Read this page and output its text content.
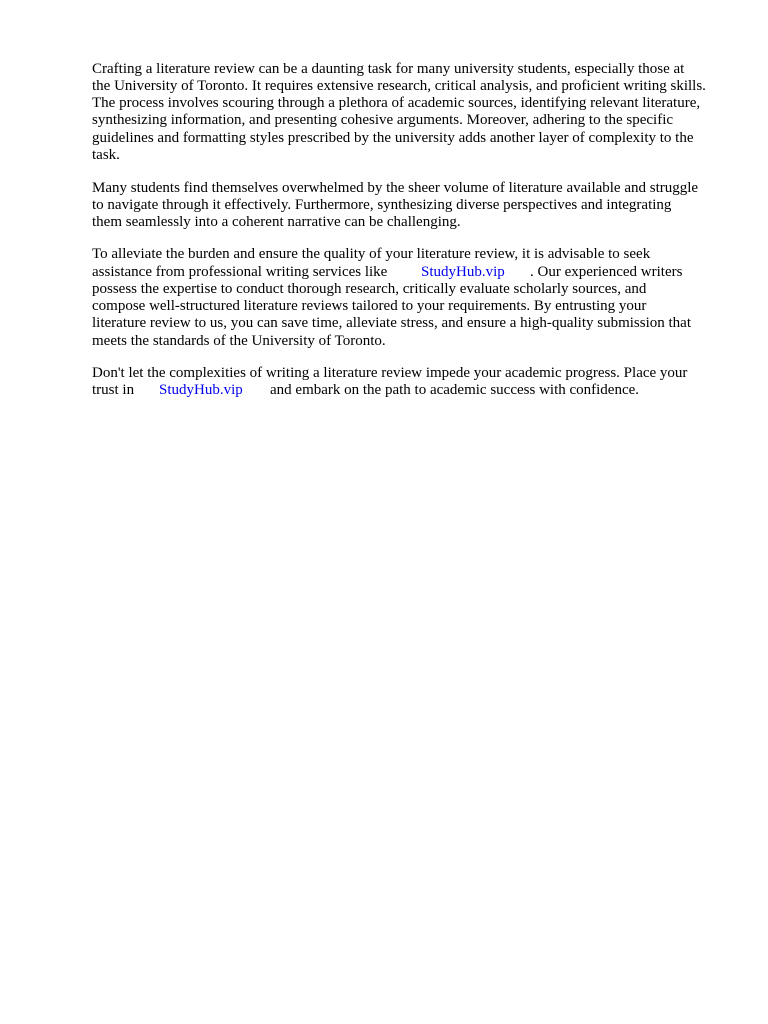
Crafting a literature review can be a daunting task for many university students, especially those at

the University of Toronto. It requires extensive research, critical analysis, and proficient writing skills.

The process involves scouring through a plethora of academic sources, identifying relevant literature,

synthesizing information, and presenting cohesive arguments. Moreover, adhering to the specific

guidelines and formatting styles prescribed by the university adds another layer of complexity to the

task.

Many students find themselves overwhelmed by the sheer volume of literature available and struggle

to navigate through it effectively. Furthermore, synthesizing diverse perspectives and integrating

them seamlessly into a coherent narrative can be challenging.

To alleviate the burden and ensure the quality of your literature review, it is advisable to seek

assistance from professional writing services like StudyHub.vip . Our experienced writers

possess the expertise to conduct thorough research, critically evaluate scholarly sources, and

compose well-structured literature reviews tailored to your requirements. By entrusting your

literature review to us, you can save time, alleviate stress, and ensure a high-quality submission that

meets the standards of the University of Toronto.

Don't let the complexities of writing a literature review impede your academic progress. Place your

trust in StudyHub.vip and embark on the path to academic success with confidence.
